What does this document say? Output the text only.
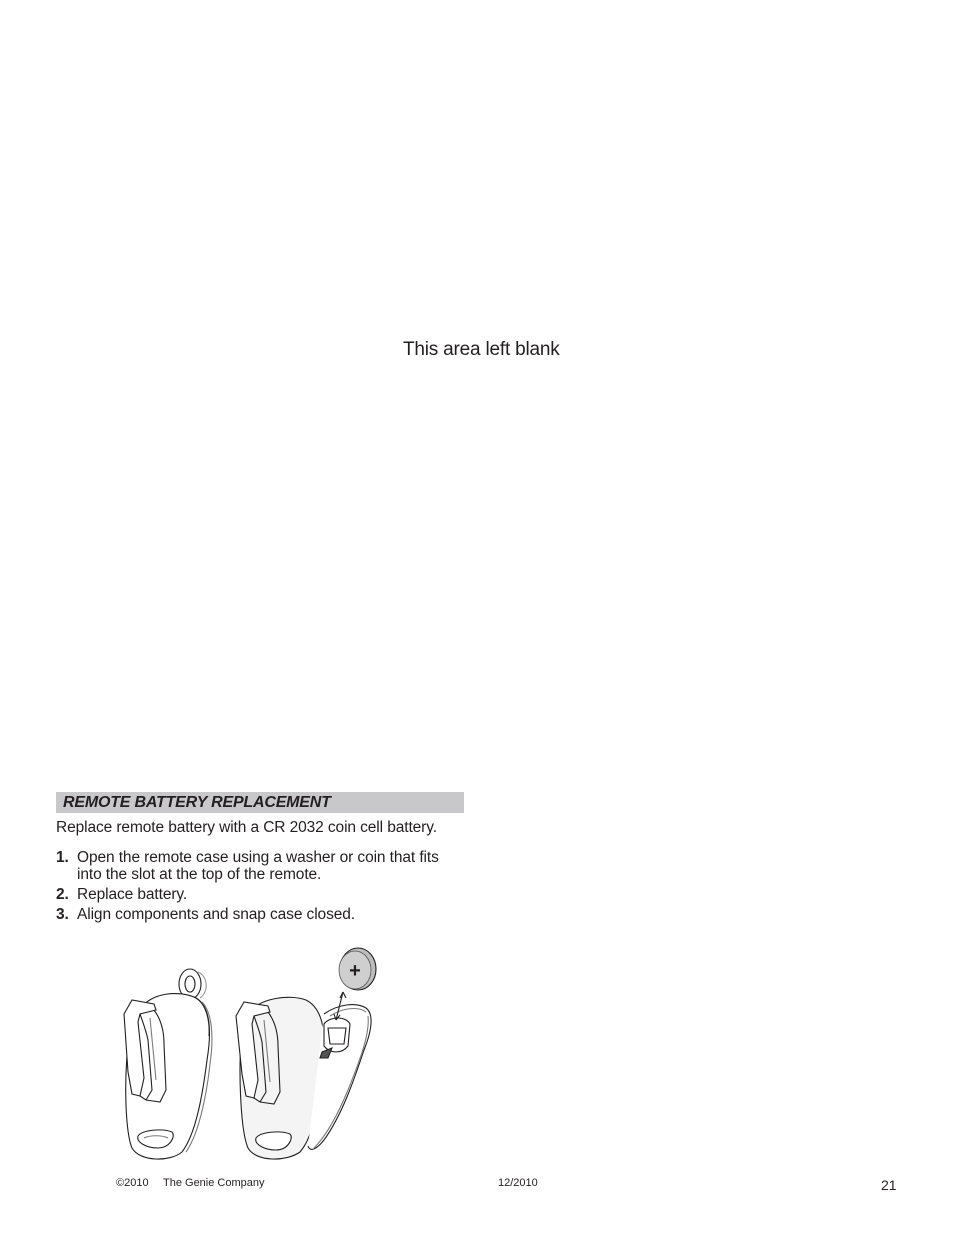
This area left blank
REMOTE BATTERY REPLACEMENT
Replace remote battery with a CR 2032 coin cell battery.
1. Open the remote case using a washer or coin that fits into the slot at the top of the remote.
2. Replace battery.
3. Align components and snap case closed.
+
©2010 The Genie Company	12/2010	21
